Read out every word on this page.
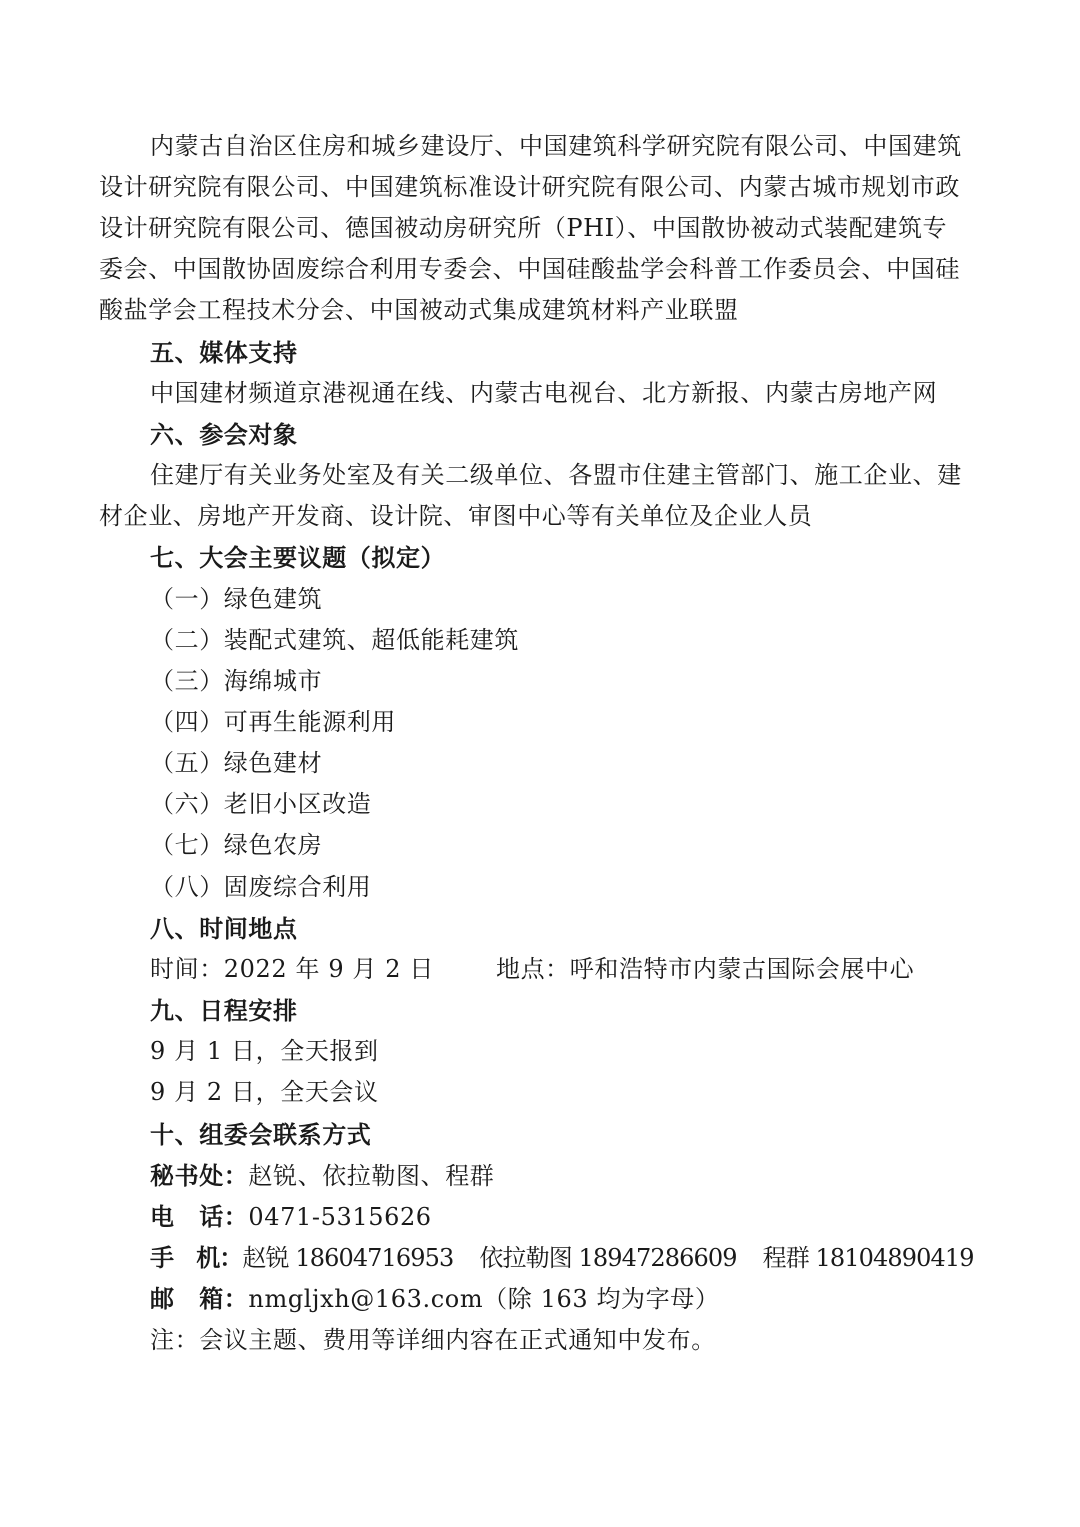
内蒙古自治区住房和城乡建设厅、中国建筑科学研究院有限公司、中国建筑
设计研究院有限公司、中国建筑标准设计研究院有限公司、内蒙古城市规划市政
设计研究院有限公司、德国被动房研究所（PHI）、中国散协被动式装配建筑专
委会、中国散协固废综合利用专委会、中国硅酸盐学会科普工作委员会、中国硅
酸盐学会工程技术分会、中国被动式集成建筑材料产业联盟
五、媒体支持
中国建材频道京港视通在线、内蒙古电视台、北方新报、内蒙古房地产网
六、参会对象
住建厅有关业务处室及有关二级单位、各盟市住建主管部门、施工企业、建
材企业、房地产开发商、设计院、审图中心等有关单位及企业人员
七、大会主要议题（拟定）
（一）绿色建筑
（二）装配式建筑、超低能耗建筑
（三）海绵城市
（四）可再生能源利用
（五）绿色建材
（六）老旧小区改造
（七）绿色农房
（八）固废综合利用
八、时间地点
时间：2022 年 9 月 2 日	地点：呼和浩特市内蒙古国际会展中心
九、日程安排
9 月 1 日，全天报到
9 月 2 日，全天会议
十、组委会联系方式
秘书处：赵锐、依拉勒图、程群
电　话：0471-5315626
手　机：赵锐 18604716953 依拉勒图 18947286609 程群 18104890419
邮　箱：nmgljxh@163.com（除 163 均为字母）
注：会议主题、费用等详细内容在正式通知中发布。
